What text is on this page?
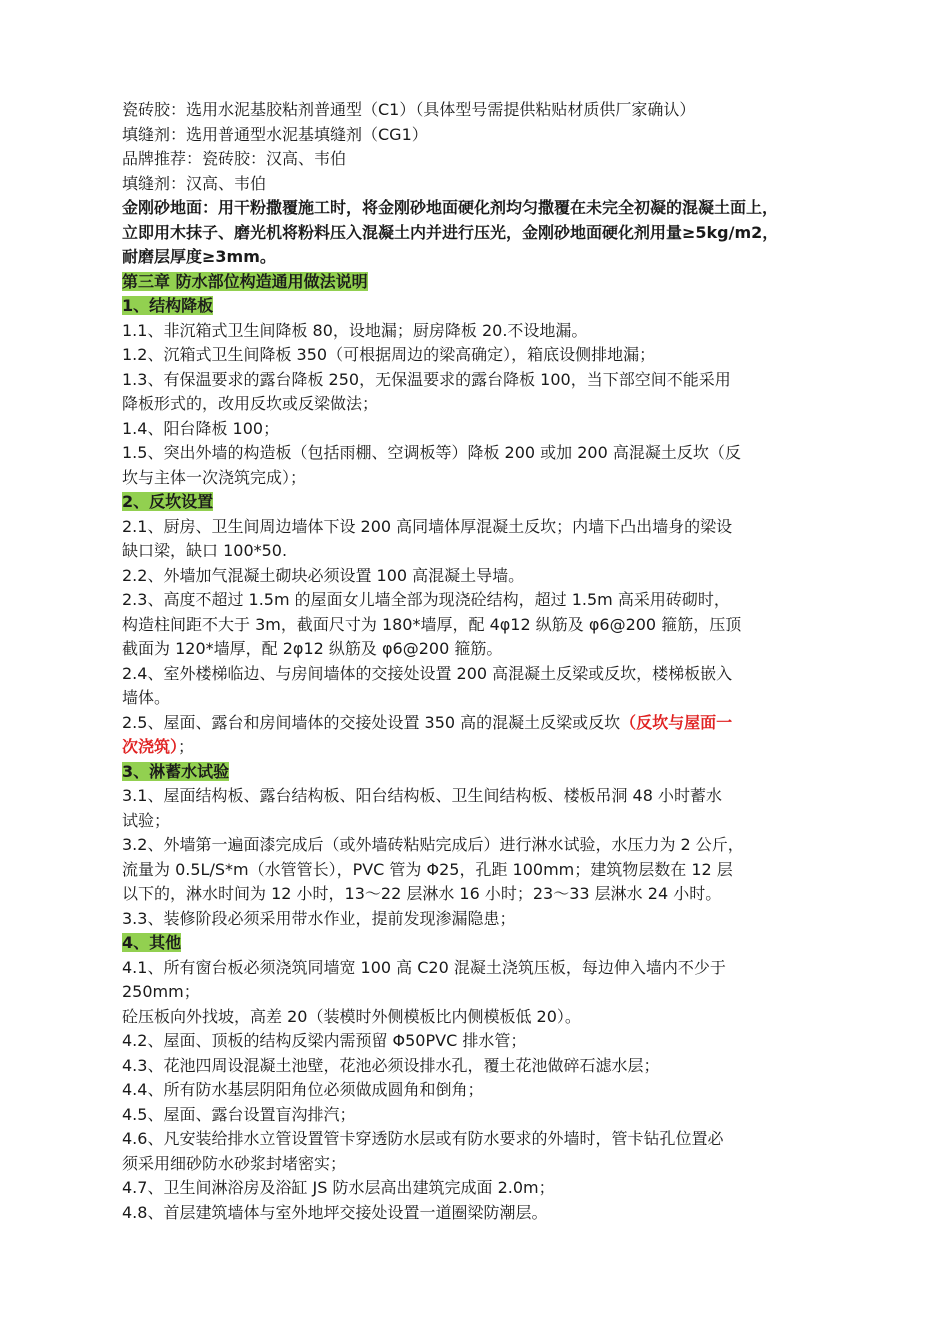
瓷砖胶：选用水泥基胶粘剂普通型（C1）（具体型号需提供粘贴材质供厂家确认）
填缝剂：选用普通型水泥基填缝剂（CG1）
品牌推荐：瓷砖胶：汉高、韦伯
填缝剂：汉高、韦伯
金刚砂地面：用干粉撒覆施工时，将金刚砂地面硬化剂均匀撒覆在未完全初凝的混凝土面上，
立即用木抹子、磨光机将粉料压入混凝土内并进行压光，金刚砂地面硬化剂用量≥5kg/m2，
耐磨层厚度≥3mm。
第三章 防水部位构造通用做法说明
1、结构降板
1.1、非沉箱式卫生间降板 80，设地漏；厨房降板 20.不设地漏。
1.2、沉箱式卫生间降板 350（可根据周边的梁高确定），箱底设侧排地漏；
1.3、有保温要求的露台降板 250，无保温要求的露台降板 100，当下部空间不能采用
降板形式的，改用反坎或反梁做法；
1.4、阳台降板 100；
1.5、突出外墙的构造板（包括雨棚、空调板等）降板 200 或加 200 高混凝土反坎（反
坎与主体一次浇筑完成）；
2、反坎设置
2.1、厨房、卫生间周边墙体下设 200 高同墙体厚混凝土反坎；内墙下凸出墙身的梁设
缺口梁，缺口 100*50.
2.2、外墙加气混凝土砌块必须设置 100 高混凝土导墙。
2.3、高度不超过 1.5m 的屋面女儿墙全部为现浇砼结构，超过 1.5m 高采用砖砌时，
构造柱间距不大于 3m，截面尺寸为 180*墙厚，配 4φ12 纵筋及 φ6@200 箍筋，压顶
截面为 120*墙厚，配 2φ12 纵筋及 φ6@200 箍筋。
2.4、室外楼梯临边、与房间墙体的交接处设置 200 高混凝土反梁或反坎，楼梯板嵌入
墙体。
2.5、屋面、露台和房间墙体的交接处设置 350 高的混凝土反梁或反坎（反坎与屋面一
次浇筑）；
3、淋蓄水试验
3.1、屋面结构板、露台结构板、阳台结构板、卫生间结构板、楼板吊洞 48 小时蓄水
试验；
3.2、外墙第一遍面漆完成后（或外墙砖粘贴完成后）进行淋水试验，水压力为 2 公斤，
流量为 0.5L/S*m（水管管长），PVC 管为 Φ25，孔距 100mm；建筑物层数在 12 层
以下的，淋水时间为 12 小时，13～22 层淋水 16 小时；23～33 层淋水 24 小时。
3.3、装修阶段必须采用带水作业，提前发现渗漏隐患；
4、其他
4.1、所有窗台板必须浇筑同墙宽 100 高 C20 混凝土浇筑压板，每边伸入墙内不少于
250mm；
砼压板向外找坡，高差 20（装模时外侧模板比内侧模板低 20）。
4.2、屋面、顶板的结构反梁内需预留 Φ50PVC 排水管；
4.3、花池四周设混凝土池壁，花池必须设排水孔，覆土花池做碎石滤水层；
4.4、所有防水基层阴阳角位必须做成圆角和倒角；
4.5、屋面、露台设置盲沟排汽；
4.6、凡安装给排水立管设置管卡穿透防水层或有防水要求的外墙时，管卡钻孔位置必
须采用细砂防水砂浆封堵密实；
4.7、卫生间淋浴房及浴缸 JS 防水层高出建筑完成面 2.0m；
4.8、首层建筑墙体与室外地坪交接处设置一道圈梁防潮层。
